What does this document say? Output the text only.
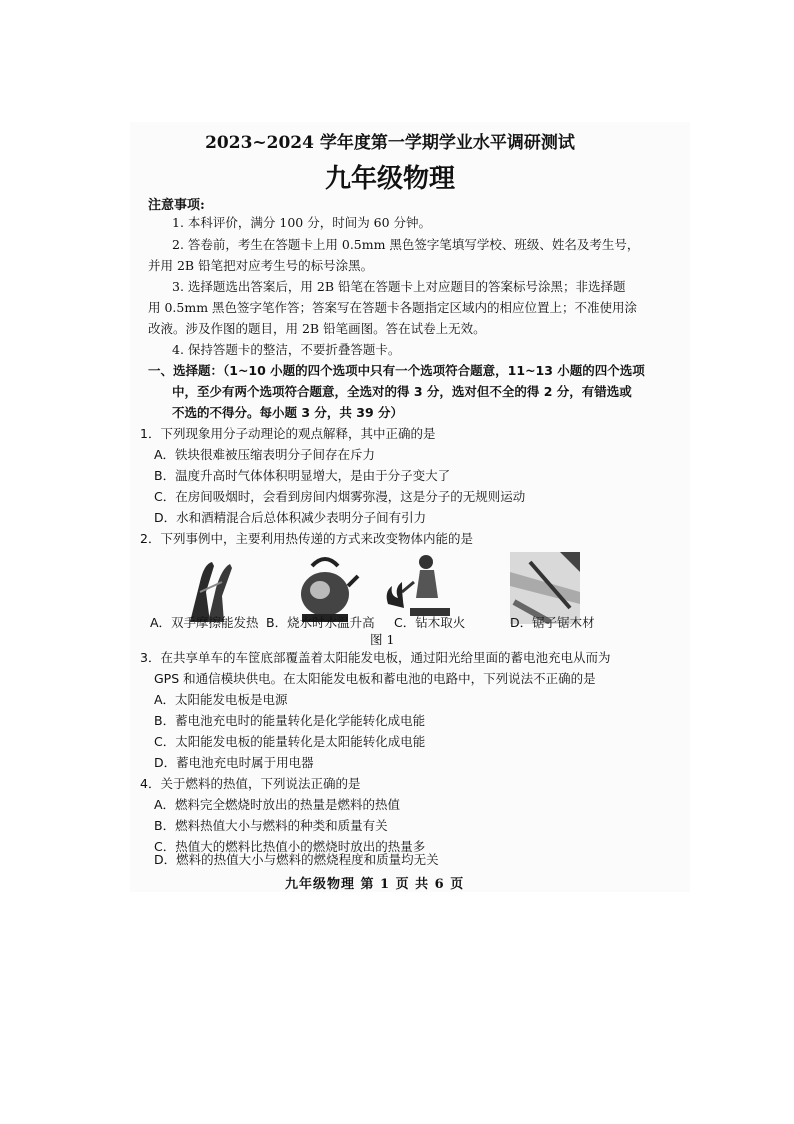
2023~2024 学年度第一学期学业水平调研测试
九年级物理
注意事项:
1. 本科评价，满分 100 分，时间为 60 分钟。
2. 答卷前，考生在答题卡上用 0.5mm 黑色签字笔填写学校、班级、姓名及考生号，
并用 2B 铅笔把对应考生号的标号涂黑。
3. 选择题选出答案后，用 2B 铅笔在答题卡上对应题目的答案标号涂黑；非选择题
用 0.5mm 黑色签字笔作答；答案写在答题卡各题指定区域内的相应位置上；不准使用涂
改液。涉及作图的题目，用 2B 铅笔画图。答在试卷上无效。
4. 保持答题卡的整洁，不要折叠答题卡。
一、选择题：（1~10 小题的四个选项中只有一个选项符合题意，11~13 小题的四个选项
中，至少有两个选项符合题意，全选对的得 3 分，选对但不全的得 2 分，有错选或
不选的不得分。每小题 3 分，共 39 分）
1．下列现象用分子动理论的观点解释，其中正确的是
A．铁块很难被压缩表明分子间存在斥力
B．温度升高时气体体积明显增大，是由于分子变大了
C．在房间吸烟时，会看到房间内烟雾弥漫，这是分子的无规则运动
D．水和酒精混合后总体积减少表明分子间有引力
2．下列事例中，主要利用热传递的方式来改变物体内能的是
A．双手摩擦能发热 B．烧水时水温升高 C．钻木取火	D．锯子锯木材
图 1
3．在共享单车的车筐底部覆盖着太阳能发电板，通过阳光给里面的蓄电池充电从而为
GPS 和通信模块供电。在太阳能发电板和蓄电池的电路中，下列说法不正确的是
A．太阳能发电板是电源
B．蓄电池充电时的能量转化是化学能转化成电能
C．太阳能发电板的能量转化是太阳能转化成电能
D．蓄电池充电时属于用电器
4．关于燃料的热值，下列说法正确的是
A．燃料完全燃烧时放出的热量是燃料的热值
B．燃料热值大小与燃料的种类和质量有关
C．热值大的燃料比热值小的燃烧时放出的热量多
D．燃料的热值大小与燃料的燃烧程度和质量均无关
九年级物理 第 1 页 共 6 页
